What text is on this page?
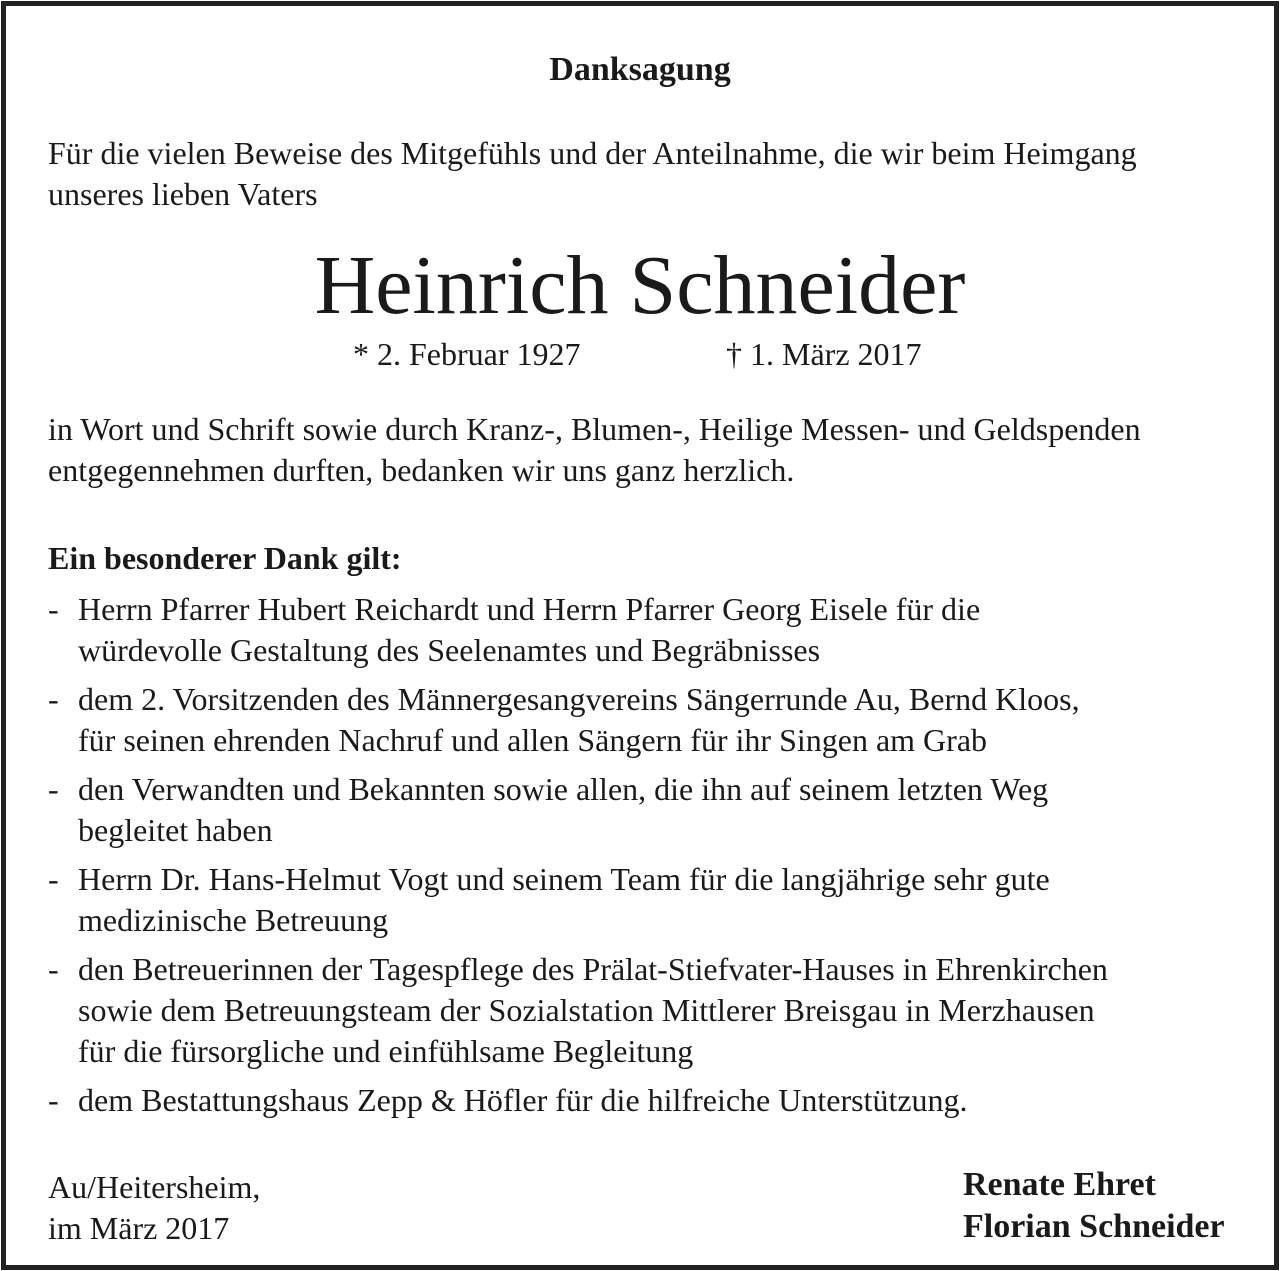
Danksagung
Für die vielen Beweise des Mitgefühls und der Anteilnahme, die wir beim Heimgang
unseres lieben Vaters
Heinrich Schneider
* 2. Februar 1927	† 1. März 2017
in Wort und Schrift sowie durch Kranz-, Blumen-, Heilige Messen- und Geldspenden
entgegennehmen durften, bedanken wir uns ganz herzlich.
Ein besonderer Dank gilt:
- Herrn Pfarrer Hubert Reichardt und Herrn Pfarrer Georg Eisele für die
würdevolle Gestaltung des Seelenamtes und Begräbnisses
- dem 2. Vorsitzenden des Männergesangvereins Sängerrunde Au, Bernd Kloos,
für seinen ehrenden Nachruf und allen Sängern für ihr Singen am Grab
- den Verwandten und Bekannten sowie allen, die ihn auf seinem letzten Weg
begleitet haben
- Herrn Dr. Hans-Helmut Vogt und seinem Team für die langjährige sehr gute
medizinische Betreuung
- den Betreuerinnen der Tagespflege des Prälat-Stiefvater-Hauses in Ehrenkirchen
sowie dem Betreuungsteam der Sozialstation Mittlerer Breisgau in Merzhausen
für die fürsorgliche und einfühlsame Begleitung
- dem Bestattungshaus Zepp & Höfler für die hilfreiche Unterstützung.
Au/Heitersheim,
im März 2017
Renate Ehret
Florian Schneider
